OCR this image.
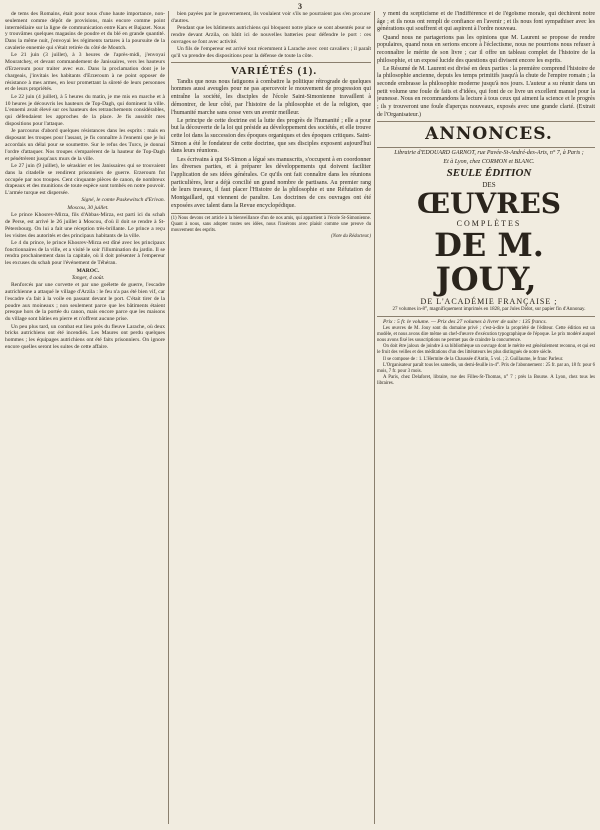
3

de tems des Romains, était pour nous d'une haute importance, non-seulement comme dépôt de provisions, mais encore comme point intermédiaire sur la ligne de communication entre Kars et Bajazet. Nous y trouvâmes quelques magasins de poudre et du blé en grande quantité. Dans la même nuit, j'envoyai les régiments tartares à la poursuite de la cavalerie ennemie qui s'était retirée du côté de Moutch.

Le 21 juin (3 juillet), à 3 heures de l'après-midi, j'envoyai Mouratchey, et devant commandement de Janissaires, vers les hauteurs d'Erzeroum pour traiter avec eux. Dans la proclamation dont je le chargeais, j'invitais les habitants d'Erzeroum à ne point opposer de résistance à mes armes, en leur promettant la sûreté de leurs personnes et de leurs propriétés.

Le 22 juin (4 juillet), à 5 heures du matin, je me mis en marche et à 10 heures je découvris les hauteurs de Top-Dagh, qui dominent la ville. L'ennemi avait élevé sur ces hauteurs des retranchements considérables, qui défendaient les approches de la place. Je fis aussitôt mes dispositions pour l'attaque.

Je parcourus d'abord quelques résistances dans les esprits : mais en disposant les troupes pour l'assaut, je fis connaître à l'ennemi que je lui accordais un délai pour se soumettre. Sur le refus des Turcs, je donnai l'ordre d'attaquer. Nos troupes s'emparèrent de la hauteur de Top-Dagh et pénétrèrent jusqu'aux murs de la ville.

Le 27 juin (9 juillet), le séraskier et les Janissaires qui se trouvaient dans la citadelle se rendirent prisonniers de guerre. Erzeroum fut occupée par nos troupes. Cent cinquante pièces de canon, de nombreux drapeaux et des munitions de toute espèce sont tombés en notre pouvoir. L'armée turque est dispersée.

Signé, le comte Paskewitsch d'Erivan.

Moscou, 30 juillet.

Le prince Khosrev-Mirza, fils d'Abbas-Mirza, est parti ici du schah de Perse, est arrivé le 26 juillet à Moscou, d'où il doit se rendre à St-Pétersbourg. On lui a fait une réception très-brillante. Le prince a reçu les visites des autorités et des principaux habitants de la ville.

Le 4 du prince, le prince Khosrev-Mirza est dîné avec les principaux fonctionnaires de la ville, et a visité le soir l'illumination du jardin. Il se rendra prochainement dans la capitale, où il doit présenter à l'empereur les excuses du schah pour l'événement de Téhéran.

MAROC.

Tanger, 4 août.

Renforcés par une corvette et par une goélette de guerre, l'escadre autrichienne a attaqué le village d'Arzila : le feu n'a pas été bien vif, car l'escadre s'a fait à la voile en passant devant le port. C'était tirer de la poudre aux moineaux ; non seulement parce que les bâtiments étaient presque hors de la portée du canon, mais encore parce que les maisons du village sont bâties en pierre et n'offrent aucune prise.

Un peu plus tard, un combat eut lieu près du fleuve Larache, où deux bricks autrichiens ont été incendiés. Les Maures ont perdu quelques hommes ; les équipages autrichiens ont été faits prisonniers. On ignore encore quelles seront les suites de cette affaire.

bien payées par le gouvernement, ils voulaient voir s'ils ne pourraient pas s'en procurer d'autres.

Pendant que les bâtiments autrichiens qui bloquent notre place se sont absentés pour se rendre devant Arzila, on bâtit ici de nouvelles batteries pour défendre le port : ces ouvrages se font avec activité.

Un fils de l'empereur est arrivé tout récemment à Larache avec cent cavaliers ; il paraît qu'il va prendre des dispositions pour la défense de toute la côte.

VARIÉTÉS (1).

Tandis que nous nous fatiguons à combattre la politique rétrograde de quelques hommes aussi aveugles pour ne pas apercevoir le mouvement de progression qui entraîne la société, les disciples de l'école Saint-Simonienne travaillent à démontrer, de leur côté, par l'histoire de la philosophie et de la religion, que l'humanité marche sans cesse vers un avenir meilleur.

Le principe de cette doctrine est la lutte des progrès de l'humanité ; elle a pour but la découverte de la loi qui préside au développement des sociétés, et elle trouve cette loi dans la succession des époques organiques et des époques critiques. Saint-Simon a été le fondateur de cette doctrine, que ses disciples exposent aujourd'hui dans leurs réunions.

Les écrivains à qui St-Simon a légué ses manuscrits, s'occupent à en coordonner les diverses parties, et à préparer les développements qui doivent faciliter l'application de ses idées générales. Ce qu'ils ont fait connaître dans les réunions particulières, leur a déjà concilié un grand nombre de partisans. Au premier rang de leurs travaux, il faut placer l'Histoire de la philosophie et une Réfutation de Montgaillard, qui viennent de paraître. Les doctrines de ces ouvrages ont été exposées avec talent dans la Revue encyclopédique.

(1) Nous devons cet article à la bienveillance d'un de nos amis, qui appartient à l'école St-Simonienne. Quant à nous, sans adopter toutes ses idées, nous l'insérons avec plaisir comme une preuve du mouvement des esprits.
(Note du Rédacteur.)

y ment du scepticisme et de l'indifférence et de l'égoïsme morale, qui déchirent notre âge ; et ils nous ont rempli de confiance en l'avenir ; et ils nous font sympathiser avec les générations qui souffrent et qui aspirent à l'ordre nouveau.

Quand nous ne partagerions pas les opinions que M. Laurent se propose de rendre populaires, quand nous en serions encore à l'éclectisme, nous ne pourrions nous refuser à reconnaître le mérite de son livre ; car il offre un tableau complet de l'histoire de la philosophie, et un exposé lucide des questions qui divisent encore les esprits.

Le Résumé de M. Laurent est divisé en deux parties : la première comprend l'histoire de la philosophie ancienne, depuis les temps primitifs jusqu'à la chute de l'empire romain ; la seconde embrasse la philosophie moderne jusqu'à nos jours. L'auteur a su réunir dans un petit volume une foule de faits et d'idées, qui font de ce livre un excellent manuel pour la jeunesse. Nous en recommandons la lecture à tous ceux qui aiment la science et le progrès ; ils y trouveront une foule d'aperçus nouveaux, exposés avec une grande clarté. (Extrait de l'Organisateur.)

ANNONCES.

Librairie d'EDOUARD GARNOT, rue Pavée-St-André-des-Arts, n° 7, à Paris ;

Et à Lyon, chez CORMON et BLANC.

SEULE ÉDITION

DES

ŒUVRES

COMPLÈTES

DE M. JOUY,

DE L'ACADÉMIE FRANÇAISE ;

27 volumes in-8°, magnifiquement imprimés en 1828, par Jules Didot, sur papier fin d'Annonay.

Prix : 5 fr. le volume. — Prix des 27 volumes à livrer de suite : 135 francs.

Les œuvres de M. Jouy sont du domaine privé ; c'est-à-dire la propriété de l'éditeur. Cette édition est un modèle, et nous avons dire même un chef-d'œuvre d'exécution typographique de l'époque. Le prix modéré auquel nous avons fixé les souscriptions ne permet pas de craindre la concurrence.

On doit être jaloux de joindre à sa bibliothèque un ouvrage dont le mérite est généralement reconnu, et qui est le fruit des veilles et des méditations d'un des littérateurs les plus distingués de notre siècle.

Il se compose de : 1. L'Hermite de la Chaussée d'Antin, 5 vol. ; 2. Guillaume, le franc Parleur.

L'Organisateur paraît tous les samedis, un demi-feuille in-4°. Prix de l'abonnement : 25 fr. par an, 18 fr. pour 6 mois, 7 fr. pour 3 mois.

A Paris, chez Delaforet, libraire, rue des Filles-St-Thomas, n° 7 ; près la Bourse. A Lyon, chez tous les libraires.
